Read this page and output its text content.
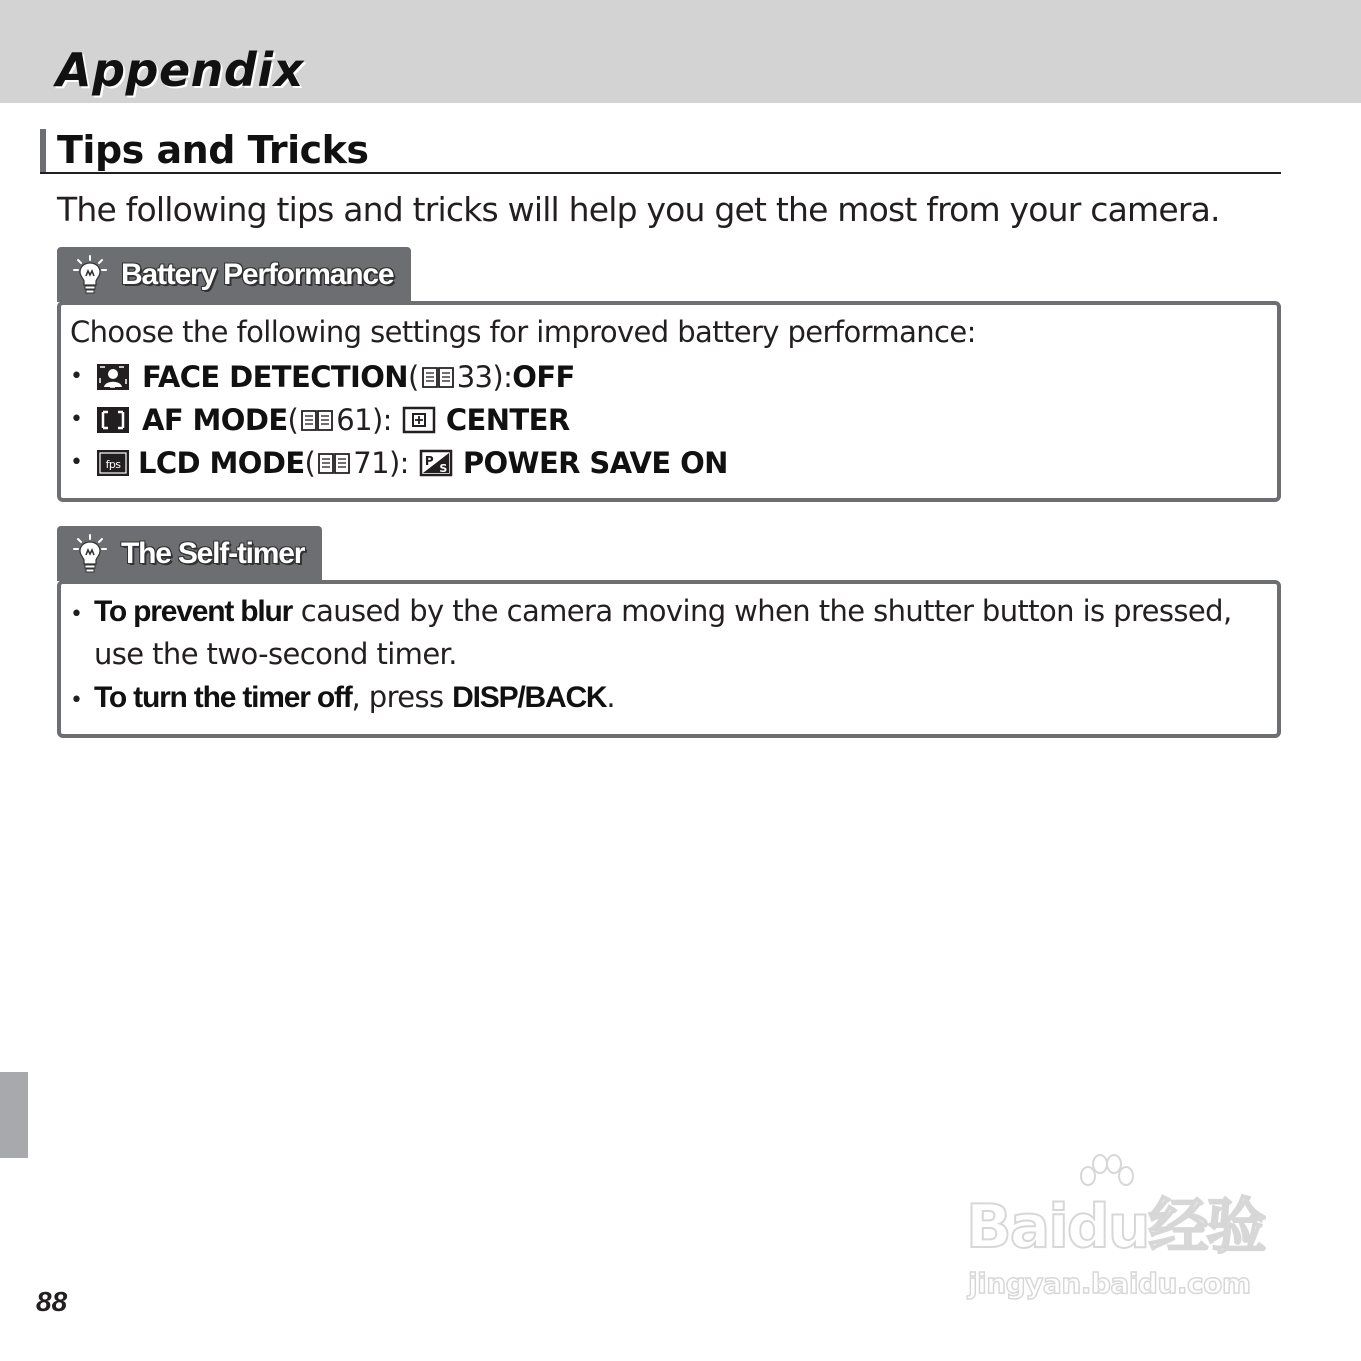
Appendix
Tips and Tricks

The following tips and tricks will help you get the most from your camera.

Battery Performance

Choose the following settings for improved battery performance:

•	FACE DETECTION ( 33): OFF
•	AF MODE ( 61): CENTER
•	fps LCD MODE ( 71): P
S POWER SAVE ON
The Self-timer
• To prevent blur caused by the camera moving when the shutter button is pressed,
use the two-second timer.
• To turn the timer off, press DISP/BACK.

88

Baidu经验
jingyan.baidu.com
